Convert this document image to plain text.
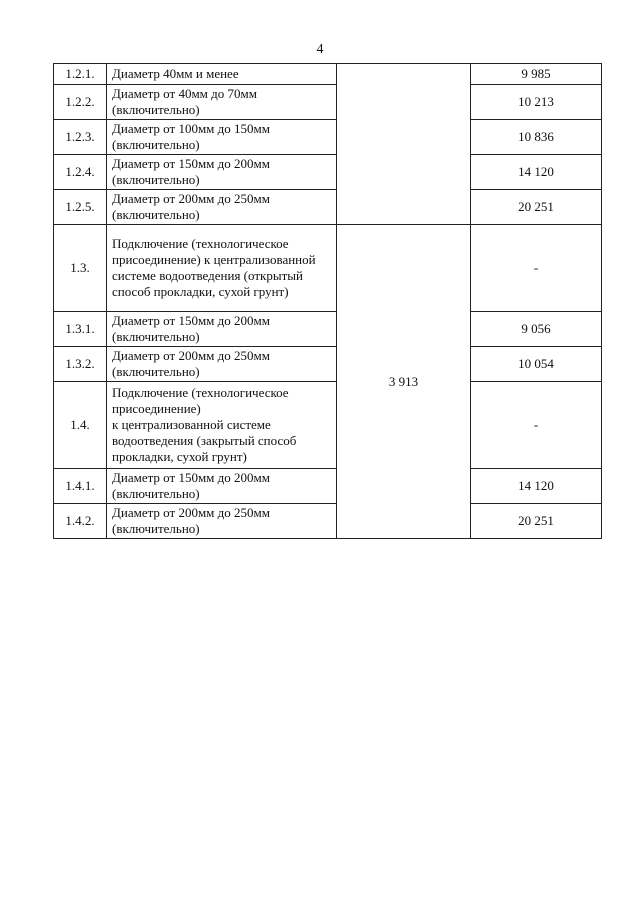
4
1.2.1.	Диаметр 40мм и менее		9 985
1.2.2.	Диаметр от 40мм до 70мм (включительно)		10 213
1.2.3.	Диаметр от 100мм до 150мм (включительно)		10 836
1.2.4.	Диаметр от 150мм до 200мм (включительно)		14 120
1.2.5.	Диаметр от 200мм до 250мм (включительно)		20 251
1.3.	Подключение (технологическое присоединение) к централизованной системе водоотведения (открытый способ прокладки, сухой грунт)	3 913	-
1.3.1.	Диаметр от 150мм до 200мм (включительно)		9 056
1.3.2.	Диаметр от 200мм до 250мм (включительно)		10 054
1.4.	Подключение (технологическое присоединение)
к централизованной системе водоотведения (закрытый способ прокладки, сухой грунт)		-
1.4.1.	Диаметр от 150мм до 200мм (включительно)		14 120
1.4.2.	Диаметр от 200мм до 250мм (включительно)		20 251
